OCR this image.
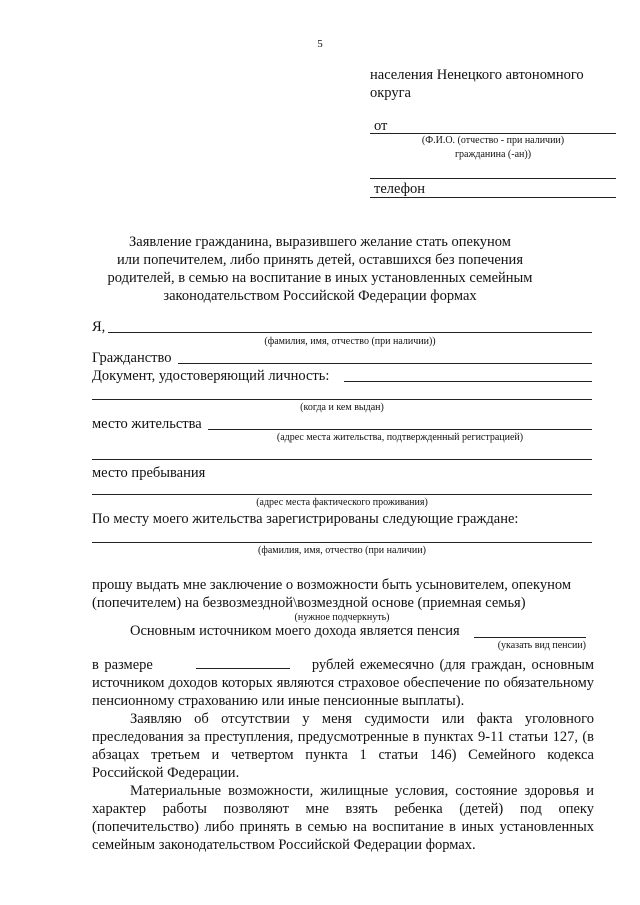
5
населения Ненецкого автономного
округа
от
(Ф.И.О. (отчество - при наличии)
гражданина (-ан))
телефон
Заявление гражданина, выразившего желание стать опекуном
или попечителем, либо принять детей, оставшихся без попечения
родителей, в семью на воспитание в иных установленных семейным
законодательством Российской Федерации формах
Я,
(фамилия, имя, отчество (при наличии))
Гражданство
Документ, удостоверяющий личность:
(когда и кем выдан)
место жительства
(адрес места жительства, подтвержденный регистрацией)
место пребывания
(адрес места фактического проживания)
По месту моего жительства зарегистрированы следующие граждане:
(фамилия, имя, отчество (при наличии)
прошу выдать мне заключение о возможности быть усыновителем, опекуном
(попечителем) на безвозмездной\возмездной основе (приемная семья)
(нужное подчеркнуть)
Основным источником моего дохода является пенсия
(указать вид пенсии)
в размере	рублей ежемесячно (для граждан, основным источником доходов которых являются страховое обеспечение по обязательному пенсионному страхованию или иные пенсионные выплаты).
Заявляю об отсутствии у меня судимости или факта уголовного преследования за преступления, предусмотренные в пунктах 9-11 статьи 127, (в абзацах третьем и четвертом пункта 1 статьи 146) Семейного кодекса Российской Федерации.
Материальные возможности, жилищные условия, состояние здоровья и характер работы позволяют мне взять ребенка (детей) под опеку (попечительство) либо принять в семью на воспитание в иных установленных семейным законодательством Российской Федерации формах.
